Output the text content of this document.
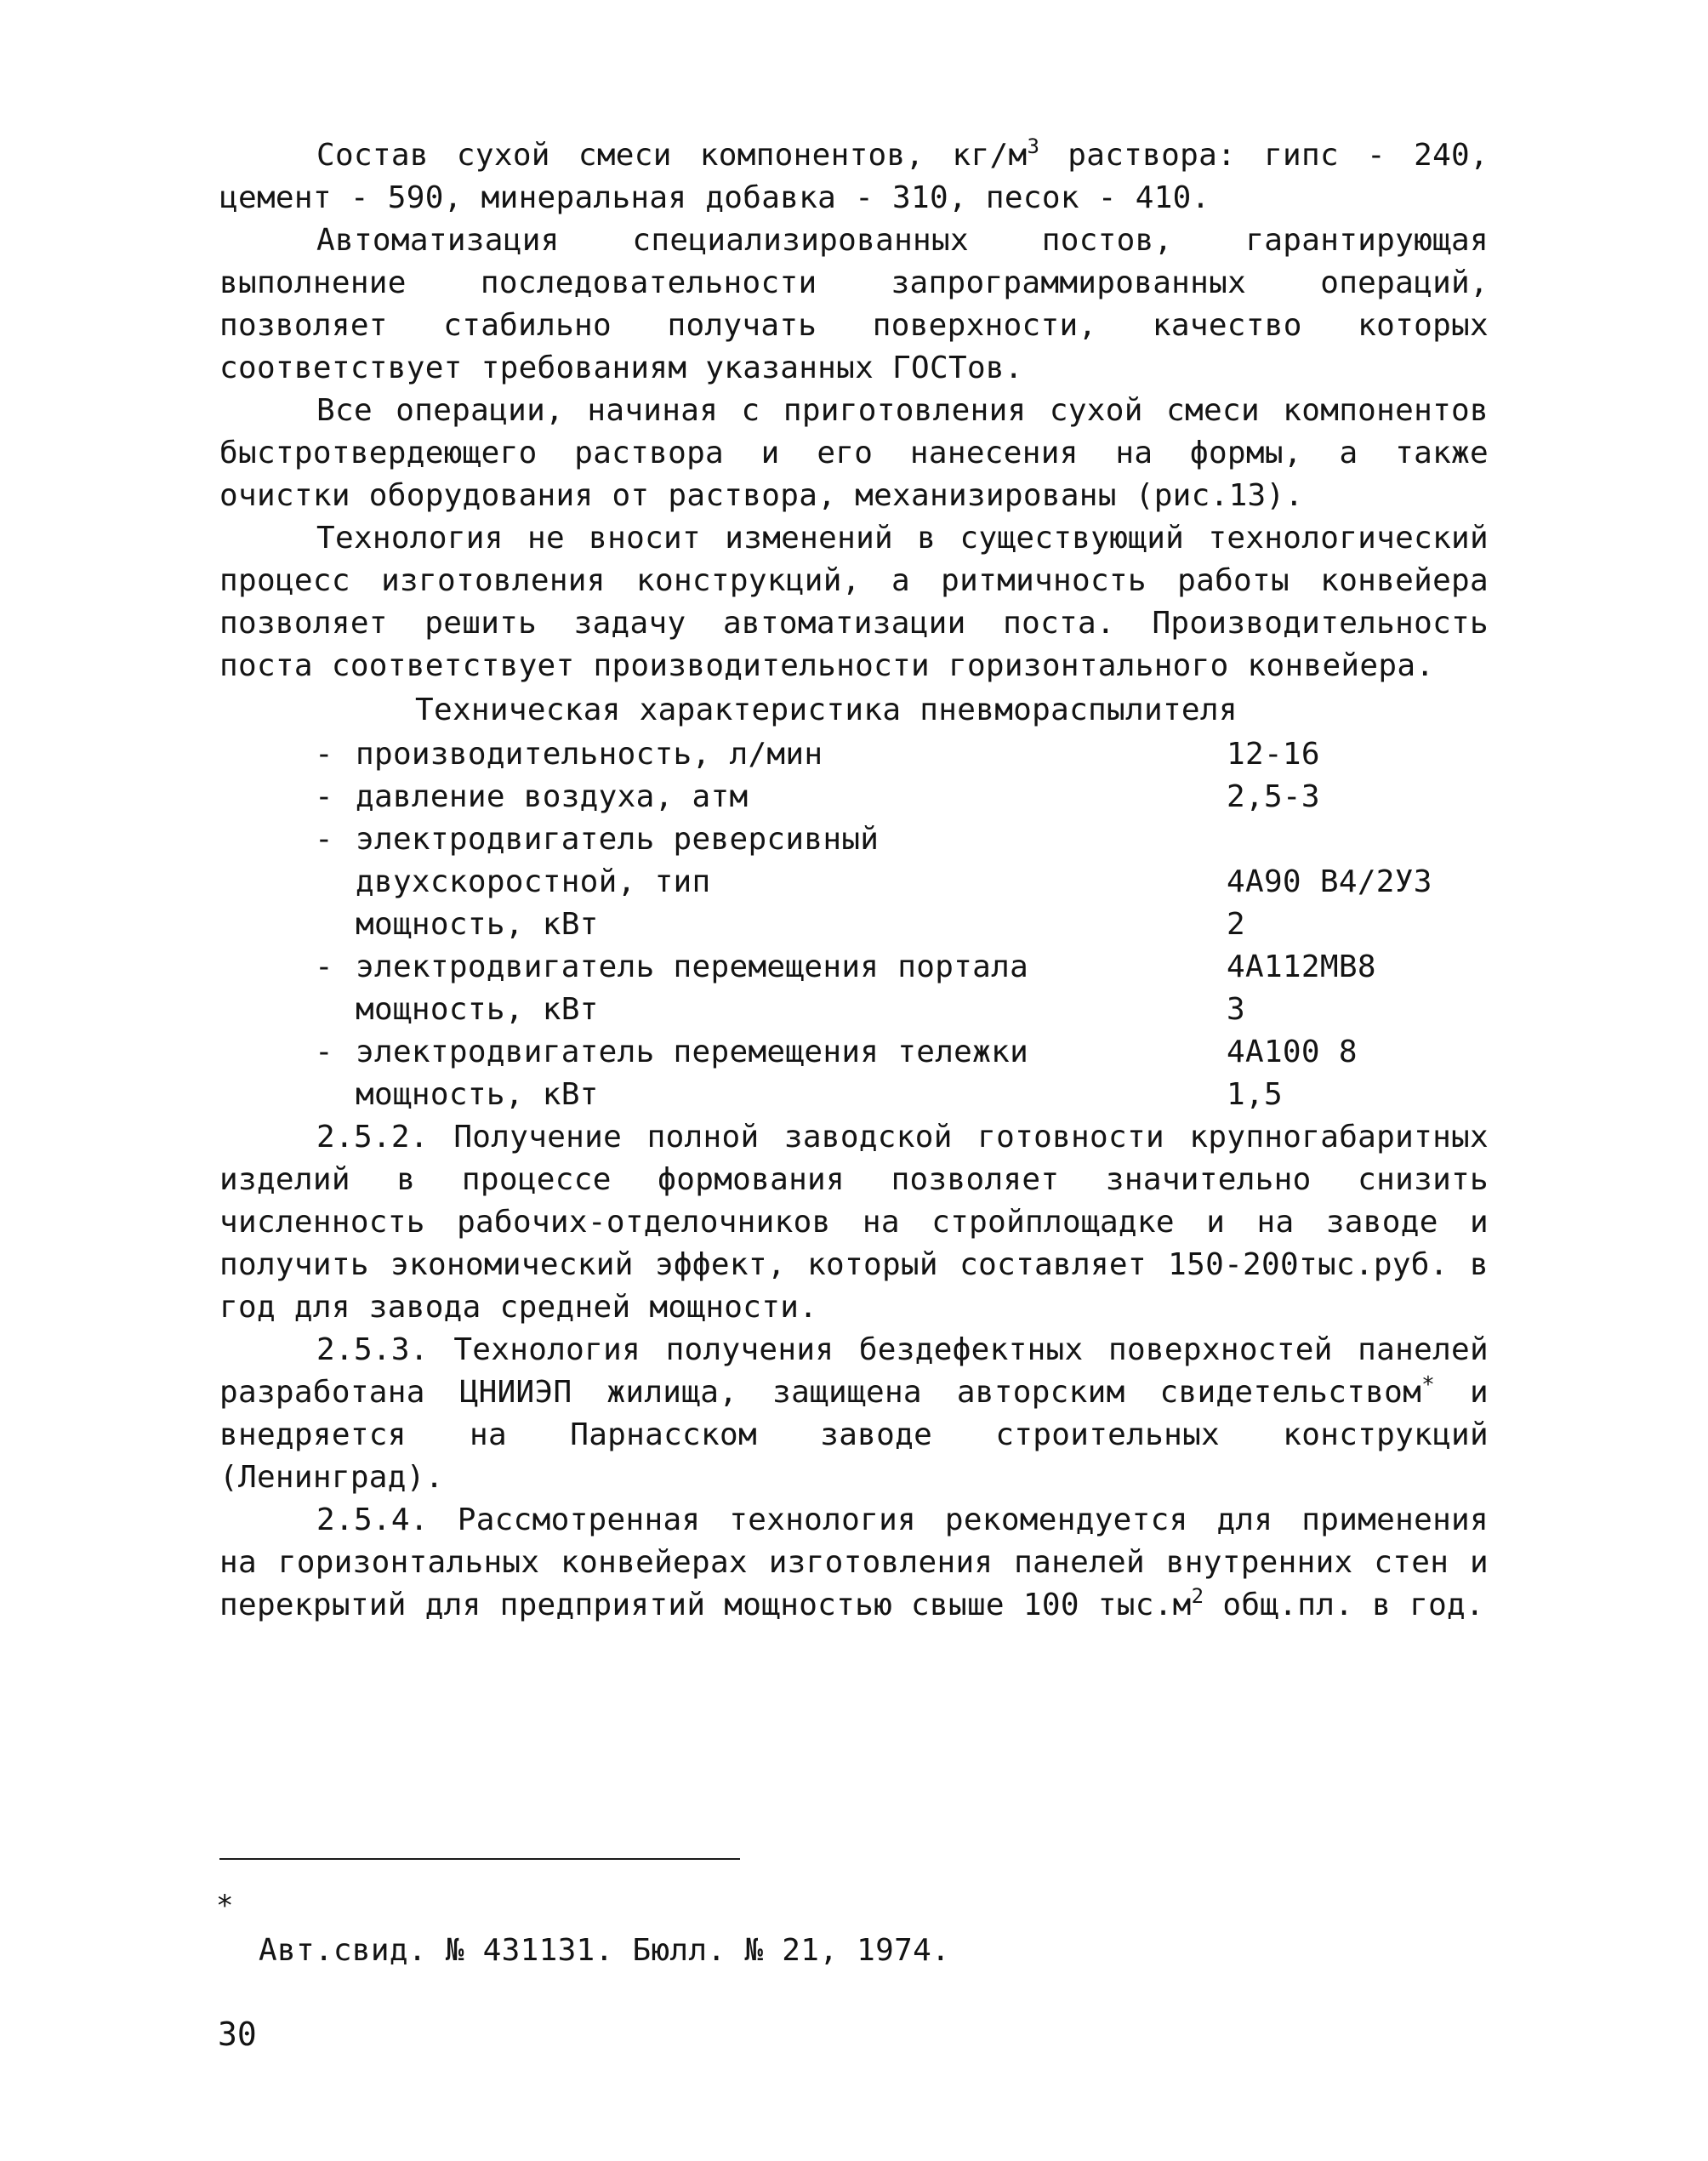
Состав сухой смеси компонентов, $кг/м^3$ раствора: гипс - 240, цемент - 590, минеральная добавка - 310, песок - 410.

Автоматизация специализированных постов, гарантирующая выполнение последовательности запрограммированных операций, позволяет стабильно получать поверхности, качество которых соответствует требованиям указанных ГОСТов.

Все операции, начиная с приготовления сухой смеси компонентов быстротвердеющего раствора и его нанесения на формы, а также очистки оборудования от раствора, механизированы (рис.13).

Технология не вносит изменений в существующий технологический процесс изготовления конструкций, а ритмичность работы конвейера позволяет решить задачу автоматизации поста. Производительность поста соответствует производительности горизонтального конвейера.

Техническая характеристика пневмораспылителя

- производительность, л/мин	12-16
- давление воздуха, атм	2,5-3
- электродвигатель реверсивный
двухскоростной, тип	4А90 В4/2У3
мощность, кВт	2
- электродвигатель перемещения портала	4А112МВ8
мощность, кВт	3
- электродвигатель перемещения тележки	4А100 8
мощность, кВт	1,5

2.5.2. Получение полной заводской готовности крупногабаритных изделий в процессе формования позволяет значительно снизить численность рабочих-отделочников на стройплощадке и на заводе и получить экономический эффект, который составляет 150-200тыс.руб. в год для завода средней мощности.

2.5.3. Технология получения бездефектных поверхностей панелей разработана ЦНИИЭП жилища, защищена авторским свидетельством* и внедряется на Парнасском заводе строительных конструкций (Ленинград).

2.5.4. Рассмотренная технология рекомендуется для применения на горизонтальных конвейерах изготовления панелей внутренних стен и перекрытий для предприятий мощностью свыше 100 $тыс.м^2$ общ.пл. в год.

*
Авт.свид. № 431131. Бюлл. № 21, 1974.
30
